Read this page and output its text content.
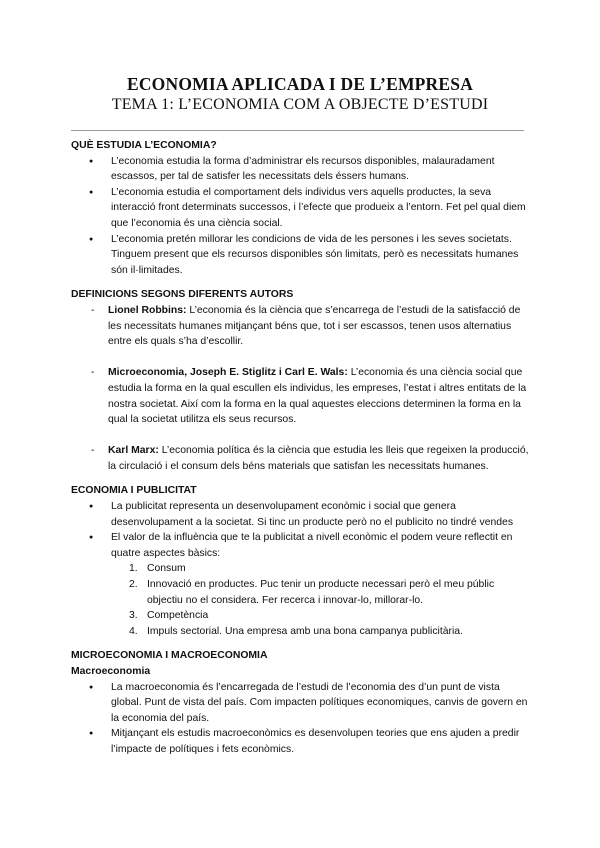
ECONOMIA APLICADA I DE L’EMPRESA
TEMA 1: L’ECONOMIA COM A OBJECTE D’ESTUDI
QUÈ ESTUDIA L’ECONOMIA?
● L’economia estudia la forma d’administrar els recursos disponibles, malauradament escassos, per tal de satisfer les necessitats dels éssers humans.
● L’economia estudia el comportament dels individus vers aquells productes, la seva interacció front determinats successos, i l’efecte que produeix a l’entorn. Fet pel qual diem que l’economia és una ciència social.
● L’economia pretén millorar les condicions de vida de les persones i les seves societats. Tinguem present que els recursos disponibles són limitats, però es necessitats humanes són il·limitades.
DEFINICIONS SEGONS DIFERENTS AUTORS
- Lionel Robbins: L’economia és la ciència que s’encarrega de l’estudi de la satisfacció de les necessitats humanes mitjançant béns que, tot i ser escassos, tenen usos alternatius entre els quals s’ha d’escollir.
- Microeconomia, Joseph E. Stiglitz i Carl E. Wals: L’economia és una ciència social que estudia la forma en la qual escullen els individus, les empreses, l’estat i altres entitats de la nostra societat. Així com la forma en la qual aquestes eleccions determinen la forma en la qual la societat utilitza els seus recursos.
- Karl Marx: L’economia política és la ciència que estudia les lleis que regeixen la producció, la circulació i el consum dels béns materials que satisfan les necessitats humanes.
ECONOMIA I PUBLICITAT
● La publicitat representa un desenvolupament econòmic i social que genera desenvolupament a la societat. Si tinc un producte però no el publicito no tindré vendes
● El valor de la influència que te la publicitat a nivell econòmic el podem veure reflectit en quatre aspectes bàsics:
1. Consum
2. Innovació en productes. Puc tenir un producte necessari però el meu públic objectiu no el considera. Fer recerca i innovar-lo, millorar-lo.
3. Competència
4. Impuls sectorial. Una empresa amb una bona campanya publicitària.
MICROECONOMIA I MACROECONOMIA
Macroeconomia
● La macroeconomia és l’encarregada de l’estudi de l’economia des d’un punt de vista global. Punt de vista del país. Com impacten polítiques economiques, canvis de govern en la economia del país.
● Mitjançant els estudis macroeconòmics es desenvolupen teories que ens ajuden a predir l’impacte de polítiques i fets econòmics.
